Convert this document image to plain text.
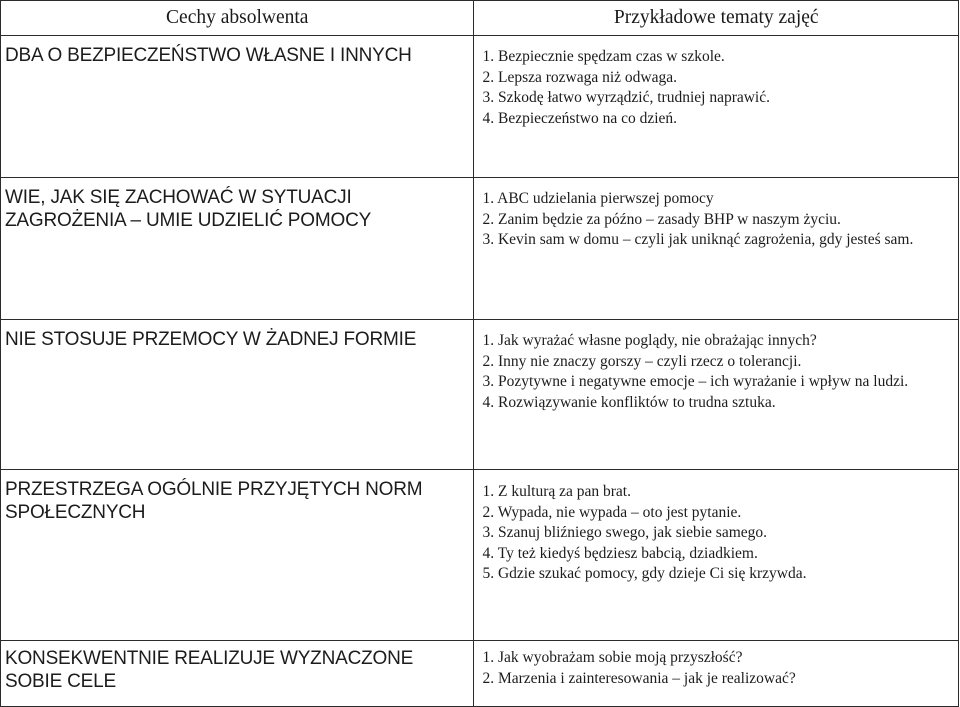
Cechy absolwenta	Przykładowe tematy zajęć
DBA O BEZPIECZEŃSTWO WŁASNE I INNYCH	1. Bezpiecznie spędzam czas w szkole.
2. Lepsza rozwaga niż odwaga.
3. Szkodę łatwo wyrządzić, trudniej naprawić.
4. Bezpieczeństwo na co dzień.

WIE, JAK SIĘ ZACHOWAĆ W SYTUACJI ZAGROŻENIA – UMIE UDZIELIĆ POMOCY	1. ABC udzielania pierwszej pomocy
2. Zanim będzie za późno – zasady BHP w naszym życiu.
3. Kevin sam w domu – czyli jak uniknąć zagrożenia, gdy jesteś sam.

NIE STOSUJE PRZEMOCY W ŻADNEJ FORMIE	1. Jak wyrażać własne poglądy, nie obrażając innych?
2. Inny nie znaczy gorszy – czyli rzecz o tolerancji.
3. Pozytywne i negatywne emocje – ich wyrażanie i wpływ na ludzi.
4. Rozwiązywanie konfliktów to trudna sztuka.

PRZESTRZEGA OGÓLNIE PRZYJĘTYCH NORM SPOŁECZNYCH	1. Z kulturą za pan brat.
2. Wypada, nie wypada – oto jest pytanie.
3. Szanuj bliźniego swego, jak siebie samego.
4. Ty też kiedyś będziesz babcią, dziadkiem.
5. Gdzie szukać pomocy, gdy dzieje Ci się krzywda.

KONSEKWENTNIE REALIZUJE WYZNACZONE SOBIE CELE	1. Jak wyobrażam sobie moją przyszłość?
2. Marzenia i zainteresowania – jak je realizować?
